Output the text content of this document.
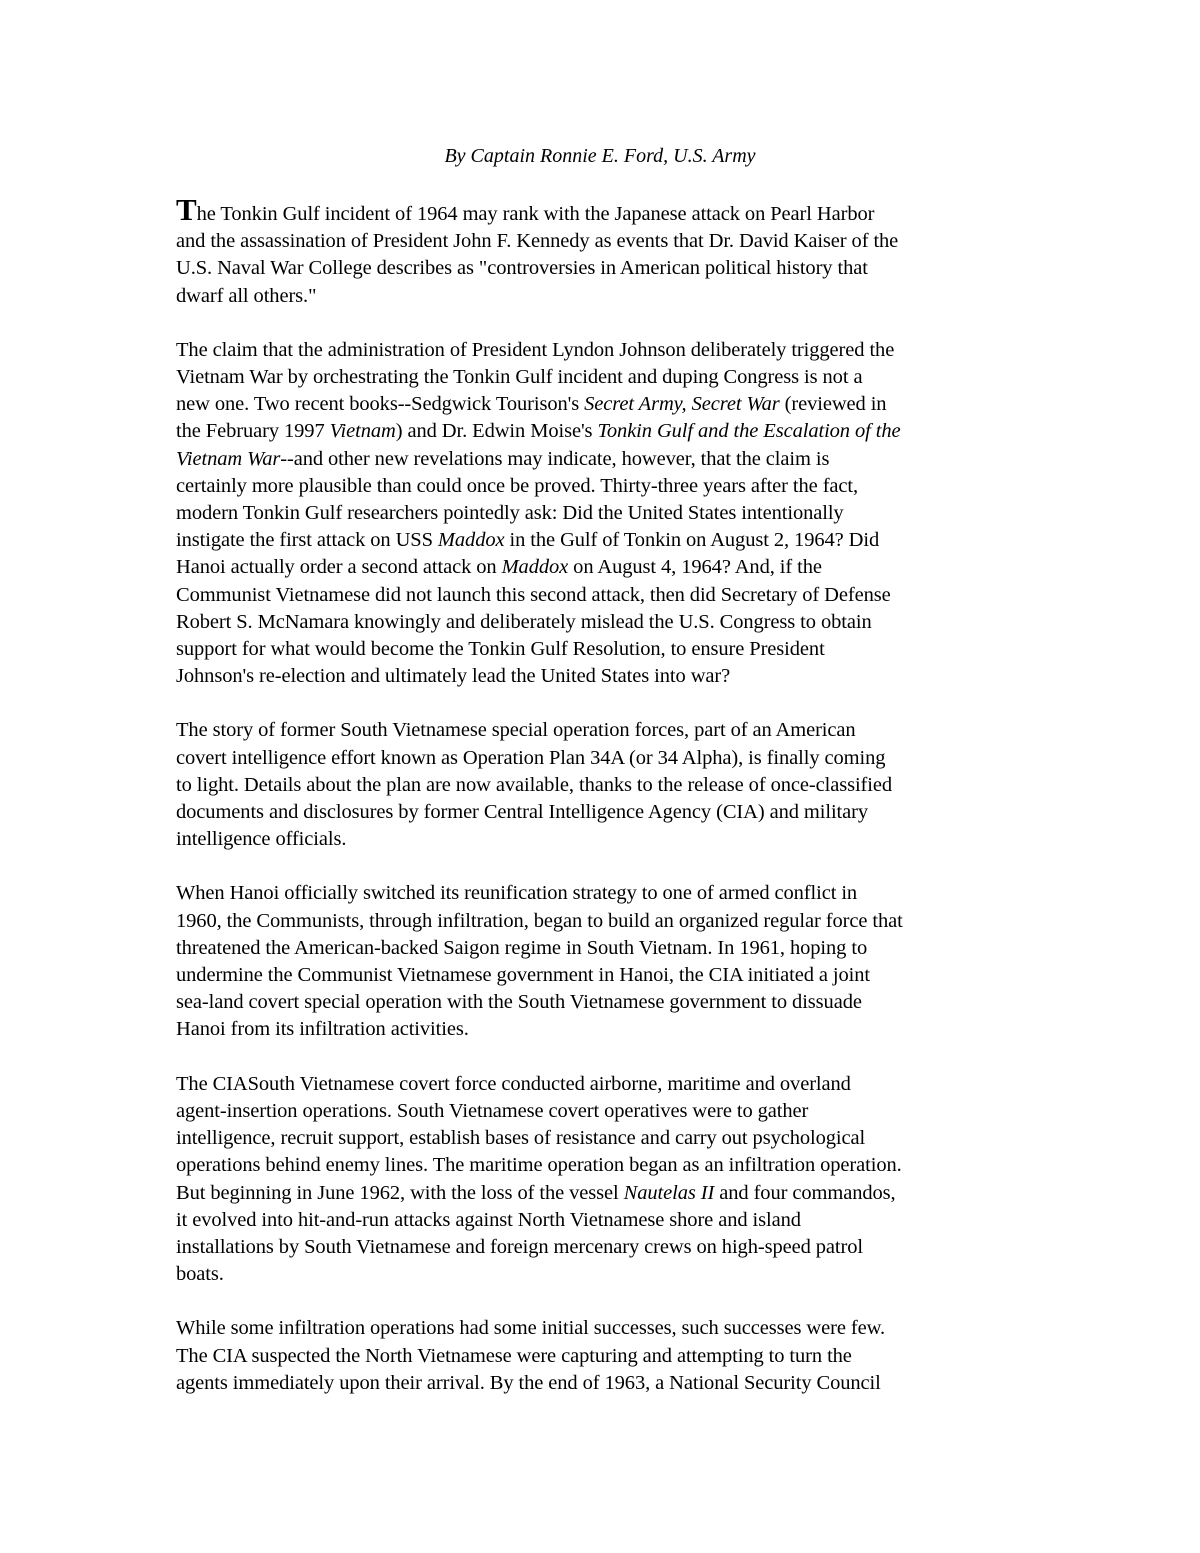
By Captain Ronnie E. Ford, U.S. Army

The Tonkin Gulf incident of 1964 may rank with the Japanese attack on Pearl Harbor
and the assassination of President John F. Kennedy as events that Dr. David Kaiser of the
U.S. Naval War College describes as "controversies in American political history that
dwarf all others."

The claim that the administration of President Lyndon Johnson deliberately triggered the
Vietnam War by orchestrating the Tonkin Gulf incident and duping Congress is not a
new one. Two recent books--Sedgwick Tourison's Secret Army, Secret War (reviewed in
the February 1997 Vietnam) and Dr. Edwin Moise's Tonkin Gulf and the Escalation of the
Vietnam War--and other new revelations may indicate, however, that the claim is
certainly more plausible than could once be proved. Thirty-three years after the fact,
modern Tonkin Gulf researchers pointedly ask: Did the United States intentionally
instigate the first attack on USS Maddox in the Gulf of Tonkin on August 2, 1964? Did
Hanoi actually order a second attack on Maddox on August 4, 1964? And, if the
Communist Vietnamese did not launch this second attack, then did Secretary of Defense
Robert S. McNamara knowingly and deliberately mislead the U.S. Congress to obtain
support for what would become the Tonkin Gulf Resolution, to ensure President
Johnson's re-election and ultimately lead the United States into war?

The story of former South Vietnamese special operation forces, part of an American
covert intelligence effort known as Operation Plan 34A (or 34 Alpha), is finally coming
to light. Details about the plan are now available, thanks to the release of once-classified
documents and disclosures by former Central Intelligence Agency (CIA) and military
intelligence officials.

When Hanoi officially switched its reunification strategy to one of armed conflict in
1960, the Communists, through infiltration, began to build an organized regular force that
threatened the American-backed Saigon regime in South Vietnam. In 1961, hoping to
undermine the Communist Vietnamese government in Hanoi, the CIA initiated a joint
sea-land covert special operation with the South Vietnamese government to dissuade
Hanoi from its infiltration activities.

The CIASouth Vietnamese covert force conducted airborne, maritime and overland
agent-insertion operations. South Vietnamese covert operatives were to gather
intelligence, recruit support, establish bases of resistance and carry out psychological
operations behind enemy lines. The maritime operation began as an infiltration operation.
But beginning in June 1962, with the loss of the vessel Nautelas II and four commandos,
it evolved into hit-and-run attacks against North Vietnamese shore and island
installations by South Vietnamese and foreign mercenary crews on high-speed patrol
boats.

While some infiltration operations had some initial successes, such successes were few.
The CIA suspected the North Vietnamese were capturing and attempting to turn the
agents immediately upon their arrival. By the end of 1963, a National Security Council
